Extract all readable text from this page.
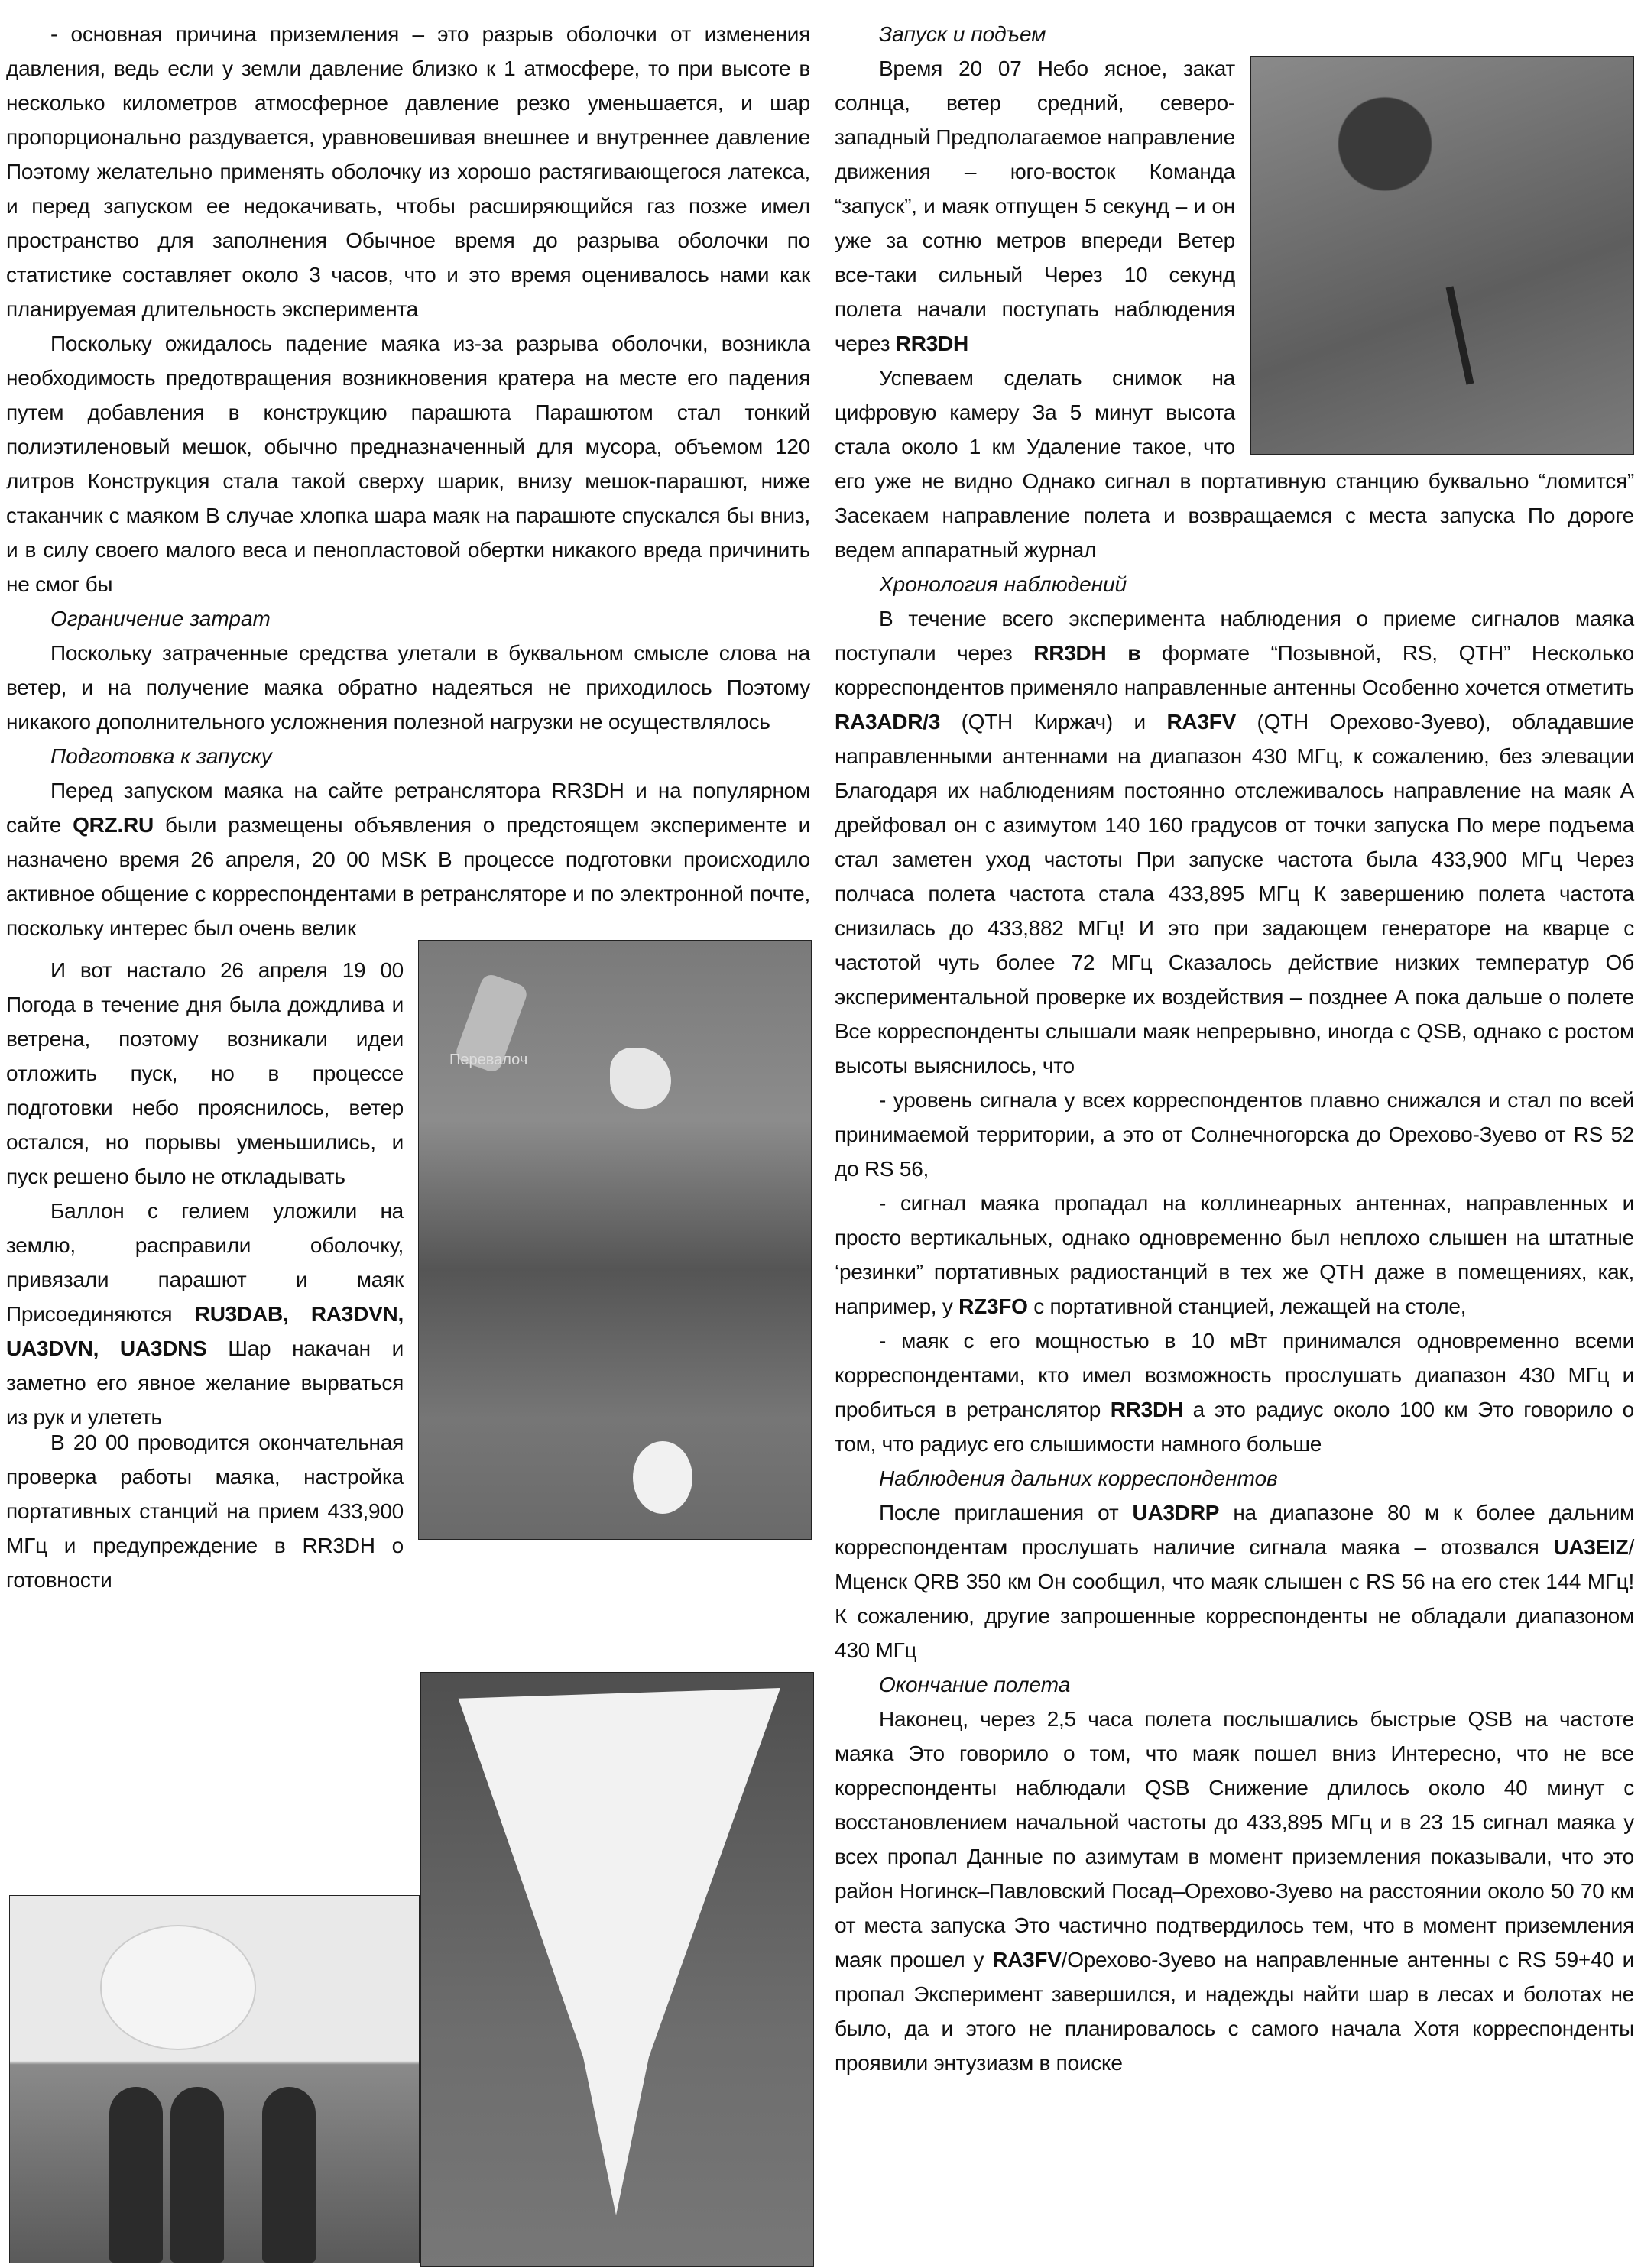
- основная причина приземления – это разрыв оболочки от изменения давления, ведь если у земли давление близко к 1 атмосфере, то при высоте в несколько километров атмосферное давление резко уменьшается, и шар пропорционально раздувается, уравновешивая внешнее и внутреннее давление Поэтому желательно применять оболочку из хорошо растягивающегося латекса, и перед запуском ее недокачивать, чтобы расширяющийся газ позже имел пространство для заполнения Обычное время до разрыва оболочки по статистике составляет около 3 часов, что и это время оценивалось нами как планируемая длительность эксперимента

Поскольку ожидалось падение маяка из-за разрыва оболочки, возникла необходимость предотвращения возникновения кратера на месте его падения путем добавления в конструкцию парашюта Парашютом стал тонкий полиэтиленовый мешок, обычно предназначенный для мусора, объемом 120 литров Конструкция стала такой сверху шарик, внизу мешок-парашют, ниже стаканчик с маяком В случае хлопка шара маяк на парашюте спускался бы вниз, и в силу своего малого веса и пенопластовой обертки никакого вреда причинить не смог бы

Ограничение затрат

Поскольку затраченные средства улетали в буквальном смысле слова на ветер, и на получение маяка обратно надеяться не приходилось Поэтому никакого дополнительного усложнения полезной нагрузки не осуществлялось

Подготовка к запуску

Перед запуском маяка на сайте ретранслятора RR3DH и на популярном сайте QRZ.RU были размещены объявления о предстоящем эксперименте и назначено время 26 апреля, 20 00 MSK В процессе подготовки происходило активное общение с корреспондентами в ретрансляторе и по электронной почте, поскольку интерес был очень велик

И вот настало 26 апреля 19 00 Погода в течение дня была дождлива и ветрена, поэтому возникали идеи отложить пуск, но в процессе подготовки небо прояснилось, ветер остался, но порывы уменьшились, и пуск решено было не откладывать

Баллон с гелием уложили на землю, расправили оболочку, привязали парашют и маяк Присоединяются RU3DAB, RA3DVN, UA3DVN, UA3DNS Шар накачан и заметно его явное желание вырваться из рук и улететь

В 20 00 проводится окончательная проверка работы маяка, настройка портативных станций на прием 433,900 МГц и предупреждение в RR3DH о готовности

Перевалоч
Запуск и подъем

Время 20 07 Небо ясное, закат солнца, ветер средний, северо-западный Предполагаемое направление движения – юго-восток Команда “запуск”, и маяк отпущен 5 секунд – и он уже за сотню метров впереди Ветер все-таки сильный Через 10 секунд полета начали поступать наблюдения через RR3DH

Успеваем сделать снимок на цифровую камеру За 5 минут высота стала около 1 км Удаление такое, что его уже не видно Однако сигнал в портативную станцию буквально “ломится” Засекаем направление полета и возвращаемся с места запуска По дороге ведем аппаратный журнал

Хронология наблюдений

В течение всего эксперимента наблюдения о приеме сигналов маяка поступали через RR3DH в формате “Позывной, RS, QTH” Несколько корреспондентов применяло направленные антенны Особенно хочется отметить RA3ADR/3 (QTH Киржач) и RA3FV (QTH Орехово-Зуево), обладавшие направленными антеннами на диапазон 430 МГц, к сожалению, без элевации Благодаря их наблюдениям постоянно отслеживалось направление на маяк А дрейфовал он с азимутом 140 160 градусов от точки запуска По мере подъема стал заметен уход частоты При запуске частота была 433,900 МГц Через полчаса полета частота стала 433,895 МГц К завершению полета частота снизилась до 433,882 МГц! И это при задающем генераторе на кварце с частотой чуть более 72 МГц Сказалось действие низких температур Об экспериментальной проверке их воздействия – позднее А пока дальше о полете Все корреспонденты слышали маяк непрерывно, иногда с QSB, однако с ростом высоты выяснилось, что

- уровень сигнала у всех корреспондентов плавно снижался и стал по всей принимаемой территории, а это от Солнечногорска до Орехово-Зуево от RS 52 до RS 56,

- сигнал маяка пропадал на коллинеарных антеннах, направленных и просто вертикальных, однако одновременно был неплохо слышен на штатные ‘резинки” портативных радиостанций в тех же QTH даже в помещениях, как, например, у RZ3FO с портативной станцией, лежащей на столе,

- маяк с его мощностью в 10 мВт принимался одновременно всеми корреспондентами, кто имел возможность прослушать диапазон 430 МГц и пробиться в ретранслятор RR3DH а это радиус около 100 км Это говорило о том, что радиус его слышимости намного больше

Наблюдения дальних корреспондентов

После приглашения от UA3DRP на диапазоне 80 м к более дальним корреспондентам прослушать наличие сигнала маяка – отозвался UA3EIZ/Мценск QRB 350 км Он сообщил, что маяк слышен с RS 56 на его стек 144 МГц! К сожалению, другие запрошенные корреспонденты не обладали диапазоном 430 МГц

Окончание полета

Наконец, через 2,5 часа полета послышались быстрые QSB на частоте маяка Это говорило о том, что маяк пошел вниз Интересно, что не все корреспонденты наблюдали QSB Снижение длилось около 40 минут с восстановлением начальной частоты до 433,895 МГц и в 23 15 сигнал маяка у всех пропал Данные по азимутам в момент приземления показывали, что это район Ногинск–Павловский Посад–Орехово-Зуево на расстоянии около 50 70 км от места запуска Это частично подтвердилось тем, что в момент приземления маяк прошел у RA3FV/Орехово-Зуево на направленные антенны с RS 59+40 и пропал Эксперимент завершился, и надежды найти шар в лесах и болотах не было, да и этого не планировалось с самого начала Хотя корреспонденты проявили энтузиазм в поиске
